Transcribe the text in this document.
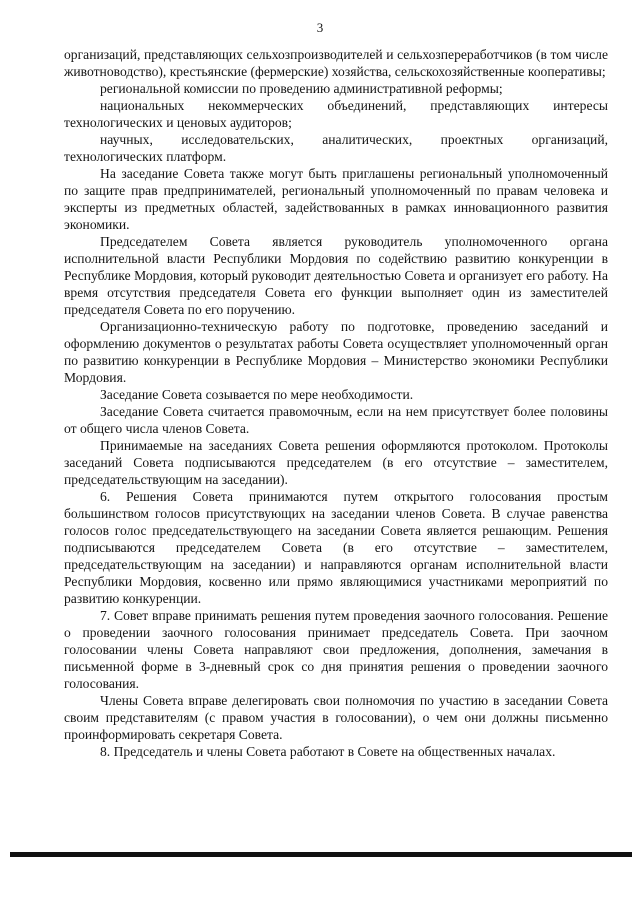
3

организаций, представляющих сельхозпроизводителей и сельхозпереработчиков (в том числе животноводство), крестьянские (фермерские) хозяйства, сельскохозяйственные кооперативы;

региональной комиссии по проведению административной реформы;

национальных некоммерческих объединений, представляющих интересы технологических и ценовых аудиторов;

научных, исследовательских, аналитических, проектных организаций, технологических платформ.

На заседание Совета также могут быть приглашены региональный уполномоченный по защите прав предпринимателей, региональный уполномоченный по правам человека и эксперты из предметных областей, задействованных в рамках инновационного развития экономики.

Председателем Совета является руководитель уполномоченного органа исполнительной власти Республики Мордовия по содействию развитию конкуренции в Республике Мордовия, который руководит деятельностью Совета и организует его работу. На время отсутствия председателя Совета его функции выполняет один из заместителей председателя Совета по его поручению.

Организационно-техническую работу по подготовке, проведению заседаний и оформлению документов о результатах работы Совета осуществляет уполномоченный орган по развитию конкуренции в Республике Мордовия – Министерство экономики Республики Мордовия.

Заседание Совета созывается по мере необходимости.

Заседание Совета считается правомочным, если на нем присутствует более половины от общего числа членов Совета.

Принимаемые на заседаниях Совета решения оформляются протоколом. Протоколы заседаний Совета подписываются председателем (в его отсутствие – заместителем, председательствующим на заседании).

6. Решения Совета принимаются путем открытого голосования простым большинством голосов присутствующих на заседании членов Совета. В случае равенства голосов голос председательствующего на заседании Совета является решающим. Решения подписываются председателем Совета (в его отсутствие – заместителем, председательствующим на заседании) и направляются органам исполнительной власти Республики Мордовия, косвенно или прямо являющимися участниками мероприятий по развитию конкуренции.

7. Совет вправе принимать решения путем проведения заочного голосования. Решение о проведении заочного голосования принимает председатель Совета. При заочном голосовании члены Совета направляют свои предложения, дополнения, замечания в письменной форме в 3-дневный срок со дня принятия решения о проведении заочного голосования.

Члены Совета вправе делегировать свои полномочия по участию в заседании Совета своим представителям (с правом участия в голосовании), о чем они должны письменно проинформировать секретаря Совета.

8. Председатель и члены Совета работают в Совете на общественных началах.
